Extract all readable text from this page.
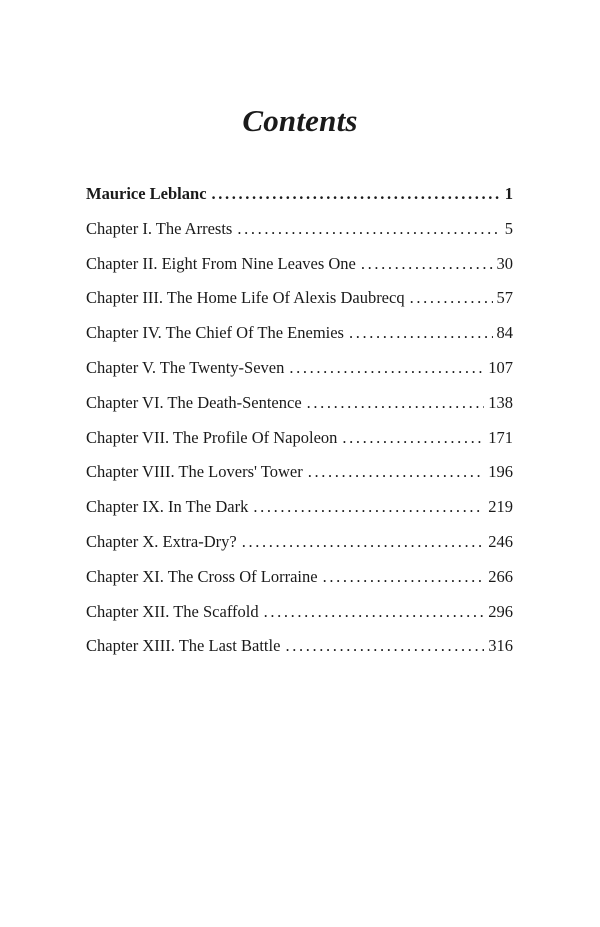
Contents
Maurice Leblanc . . .	1
Chapter I. The Arrests . . .	5
Chapter II. Eight From Nine Leaves One . . .	30
Chapter III. The Home Life Of Alexis Daubrecq . . .	57
Chapter IV. The Chief Of The Enemies . . .	84
Chapter V. The Twenty-Seven . . .	107
Chapter VI. The Death-Sentence . . .	138
Chapter VII. The Profile Of Napoleon . . .	171
Chapter VIII. The Lovers' Tower . . .	196
Chapter IX. In The Dark . . .	219
Chapter X. Extra-Dry? . . .	246
Chapter XI. The Cross Of Lorraine . . .	266
Chapter XII. The Scaffold . . .	296
Chapter XIII. The Last Battle . . .	316
